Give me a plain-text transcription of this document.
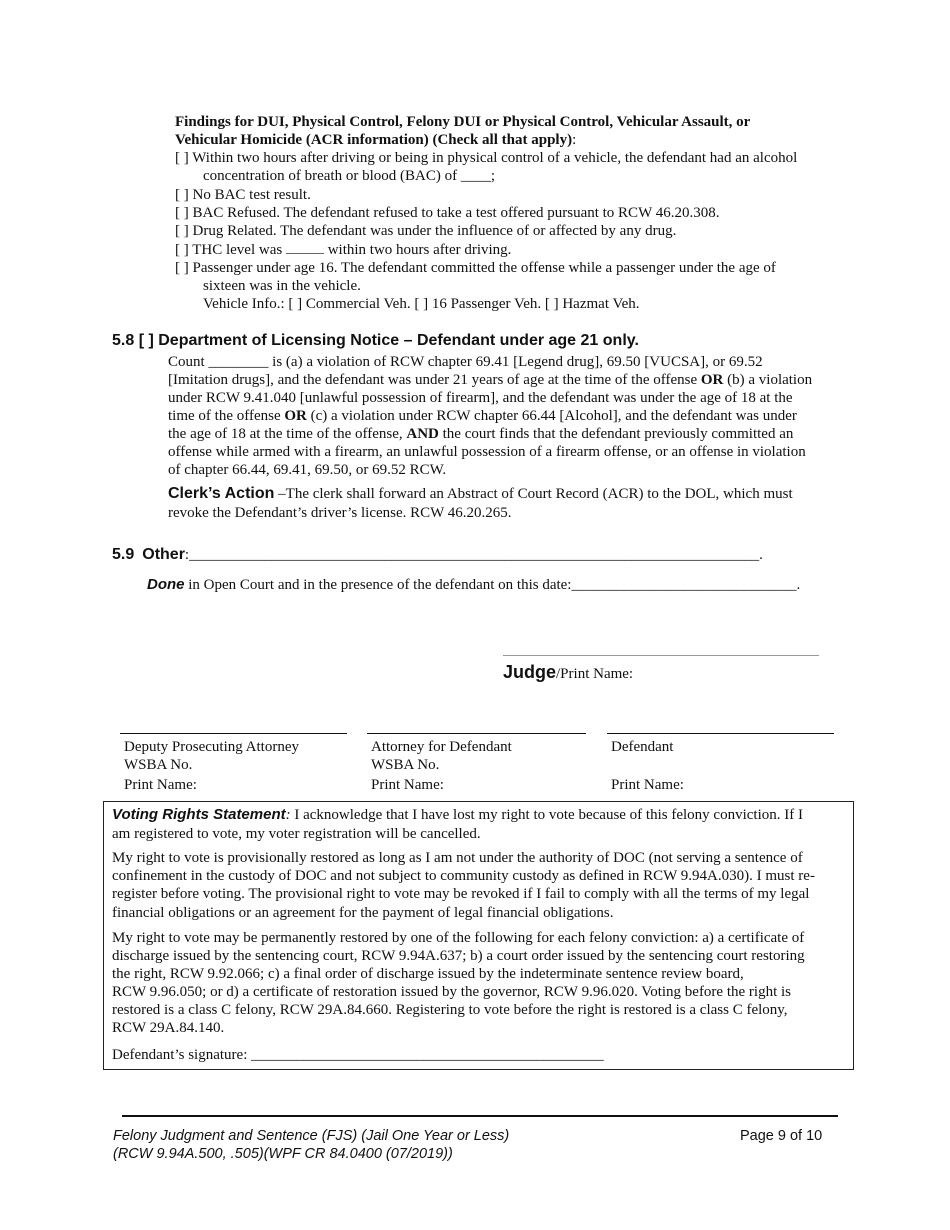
Findings for DUI, Physical Control, Felony DUI or Physical Control, Vehicular Assault, or
Vehicular Homicide (ACR information) (Check all that apply):
[ ] Within two hours after driving or being in physical control of a vehicle, the defendant had an alcohol
concentration of breath or blood (BAC) of ____;
[ ] No BAC test result.
[ ] BAC Refused. The defendant refused to take a test offered pursuant to RCW 46.20.308.
[ ] Drug Related. The defendant was under the influence of or affected by any drug.
[ ] THC level was	within two hours after driving.
[ ] Passenger under age 16. The defendant committed the offense while a passenger under the age of
sixteen was in the vehicle.
Vehicle Info.: [ ] Commercial Veh. [ ] 16 Passenger Veh. [ ] Hazmat Veh.
5.8 [ ] Department of Licensing Notice – Defendant under age 21 only.
Count ________ is (a) a violation of RCW chapter 69.41 [Legend drug], 69.50 [VUCSA], or 69.52
[Imitation drugs], and the defendant was under 21 years of age at the time of the offense OR (b) a violation
under RCW 9.41.040 [unlawful possession of firearm], and the defendant was under the age of 18 at the
time of the offense OR (c) a violation under RCW chapter 66.44 [Alcohol], and the defendant was under
the age of 18 at the time of the offense, AND the court finds that the defendant previously committed an
offense while armed with a firearm, an unlawful possession of a firearm offense, or an offense in violation
of chapter 66.44, 69.41, 69.50, or 69.52 RCW.
Clerk’s Action –The clerk shall forward an Abstract of Court Record (ACR) to the DOL, which must
revoke the Defendant’s driver’s license. RCW 46.20.265.
5.9 Other:____________________________________________________________________________.
Done in Open Court and in the presence of the defendant on this date:______________________________.
Judge/Print Name:
Deputy Prosecuting Attorney
WSBA No.
Print Name:
Attorney for Defendant
WSBA No.
Print Name:
Defendant
Print Name:
Voting Rights Statement: I acknowledge that I have lost my right to vote because of this felony conviction. If I
am registered to vote, my voter registration will be cancelled.
My right to vote is provisionally restored as long as I am not under the authority of DOC (not serving a sentence of
confinement in the custody of DOC and not subject to community custody as defined in RCW 9.94A.030). I must re-
register before voting. The provisional right to vote may be revoked if I fail to comply with all the terms of my legal
financial obligations or an agreement for the payment of legal financial obligations.
My right to vote may be permanently restored by one of the following for each felony conviction: a) a certificate of
discharge issued by the sentencing court, RCW 9.94A.637; b) a court order issued by the sentencing court restoring
the right, RCW 9.92.066; c) a final order of discharge issued by the indeterminate sentence review board,
RCW 9.96.050; or d) a certificate of restoration issued by the governor, RCW 9.96.020. Voting before the right is
restored is a class C felony, RCW 29A.84.660. Registering to vote before the right is restored is a class C felony,
RCW 29A.84.140.
Defendant’s signature: _______________________________________________
Felony Judgment and Sentence (FJS) (Jail One Year or Less)
(RCW 9.94A.500, .505)(WPF CR 84.0400 (07/2019))
Page 9 of 10
